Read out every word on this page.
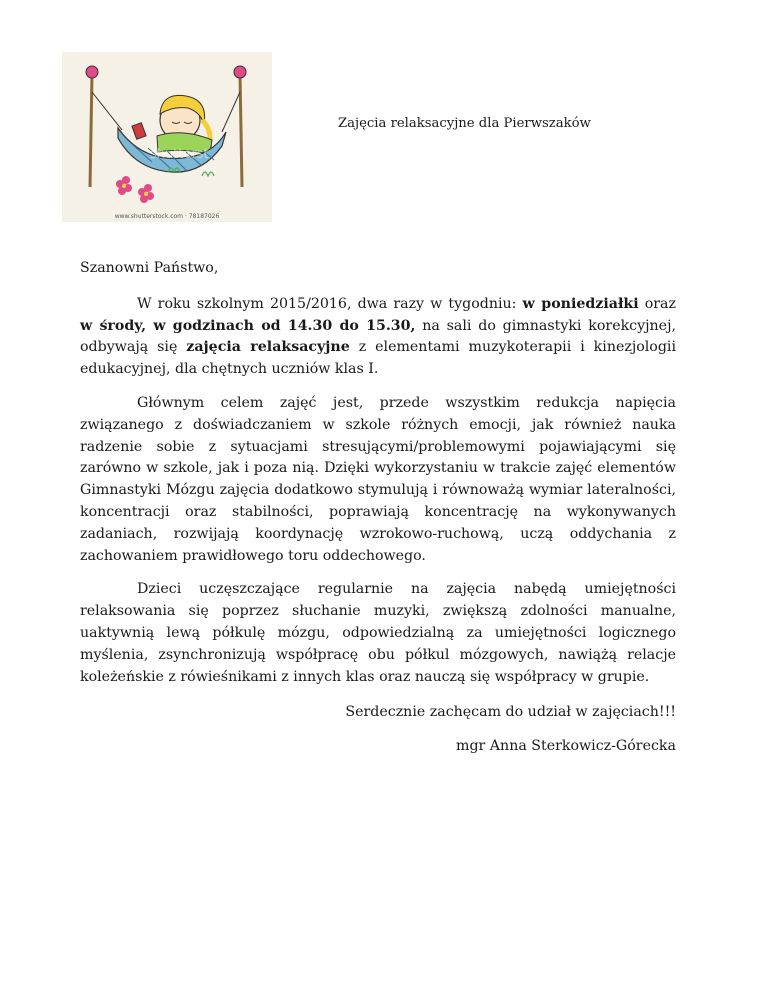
shutterst
www.shutterstock.com · 78187026
Zajęcia relaksacyjne dla Pierwszaków

Szanowni Państwo,

W roku szkolnym 2015/2016, dwa razy w tygodniu: w poniedziałki oraz w środy, w godzinach od 14.30 do 15.30, na sali do gimnastyki korekcyjnej, odbywają się zajęcia relaksacyjne z elementami muzykoterapii i kinezjologii edukacyjnej, dla chętnych uczniów klas I.

Głównym celem zajęć jest, przede wszystkim redukcja napięcia związanego z doświadczaniem w szkole różnych emocji, jak również nauka radzenie sobie z sytuacjami stresującymi/problemowymi pojawiającymi się zarówno w szkole, jak i poza nią. Dzięki wykorzystaniu w trakcie zajęć elementów Gimnastyki Mózgu zajęcia dodatkowo stymulują i równoważą wymiar lateralności, koncentracji oraz stabilności, poprawiają koncentrację na wykonywanych zadaniach, rozwijają koordynację wzrokowo-ruchową, uczą oddychania z zachowaniem prawidłowego toru oddechowego.

Dzieci uczęszczające regularnie na zajęcia nabędą umiejętności relaksowania się poprzez słuchanie muzyki, zwiększą zdolności manualne, uaktywnią lewą półkulę mózgu, odpowiedzialną za umiejętności logicznego myślenia, zsynchronizują współpracę obu półkul mózgowych, nawiążą relacje koleżeńskie z rówieśnikami z innych klas oraz nauczą się współpracy w grupie.

Serdecznie zachęcam do udział w zajęciach!!!

mgr Anna Sterkowicz-Górecka
